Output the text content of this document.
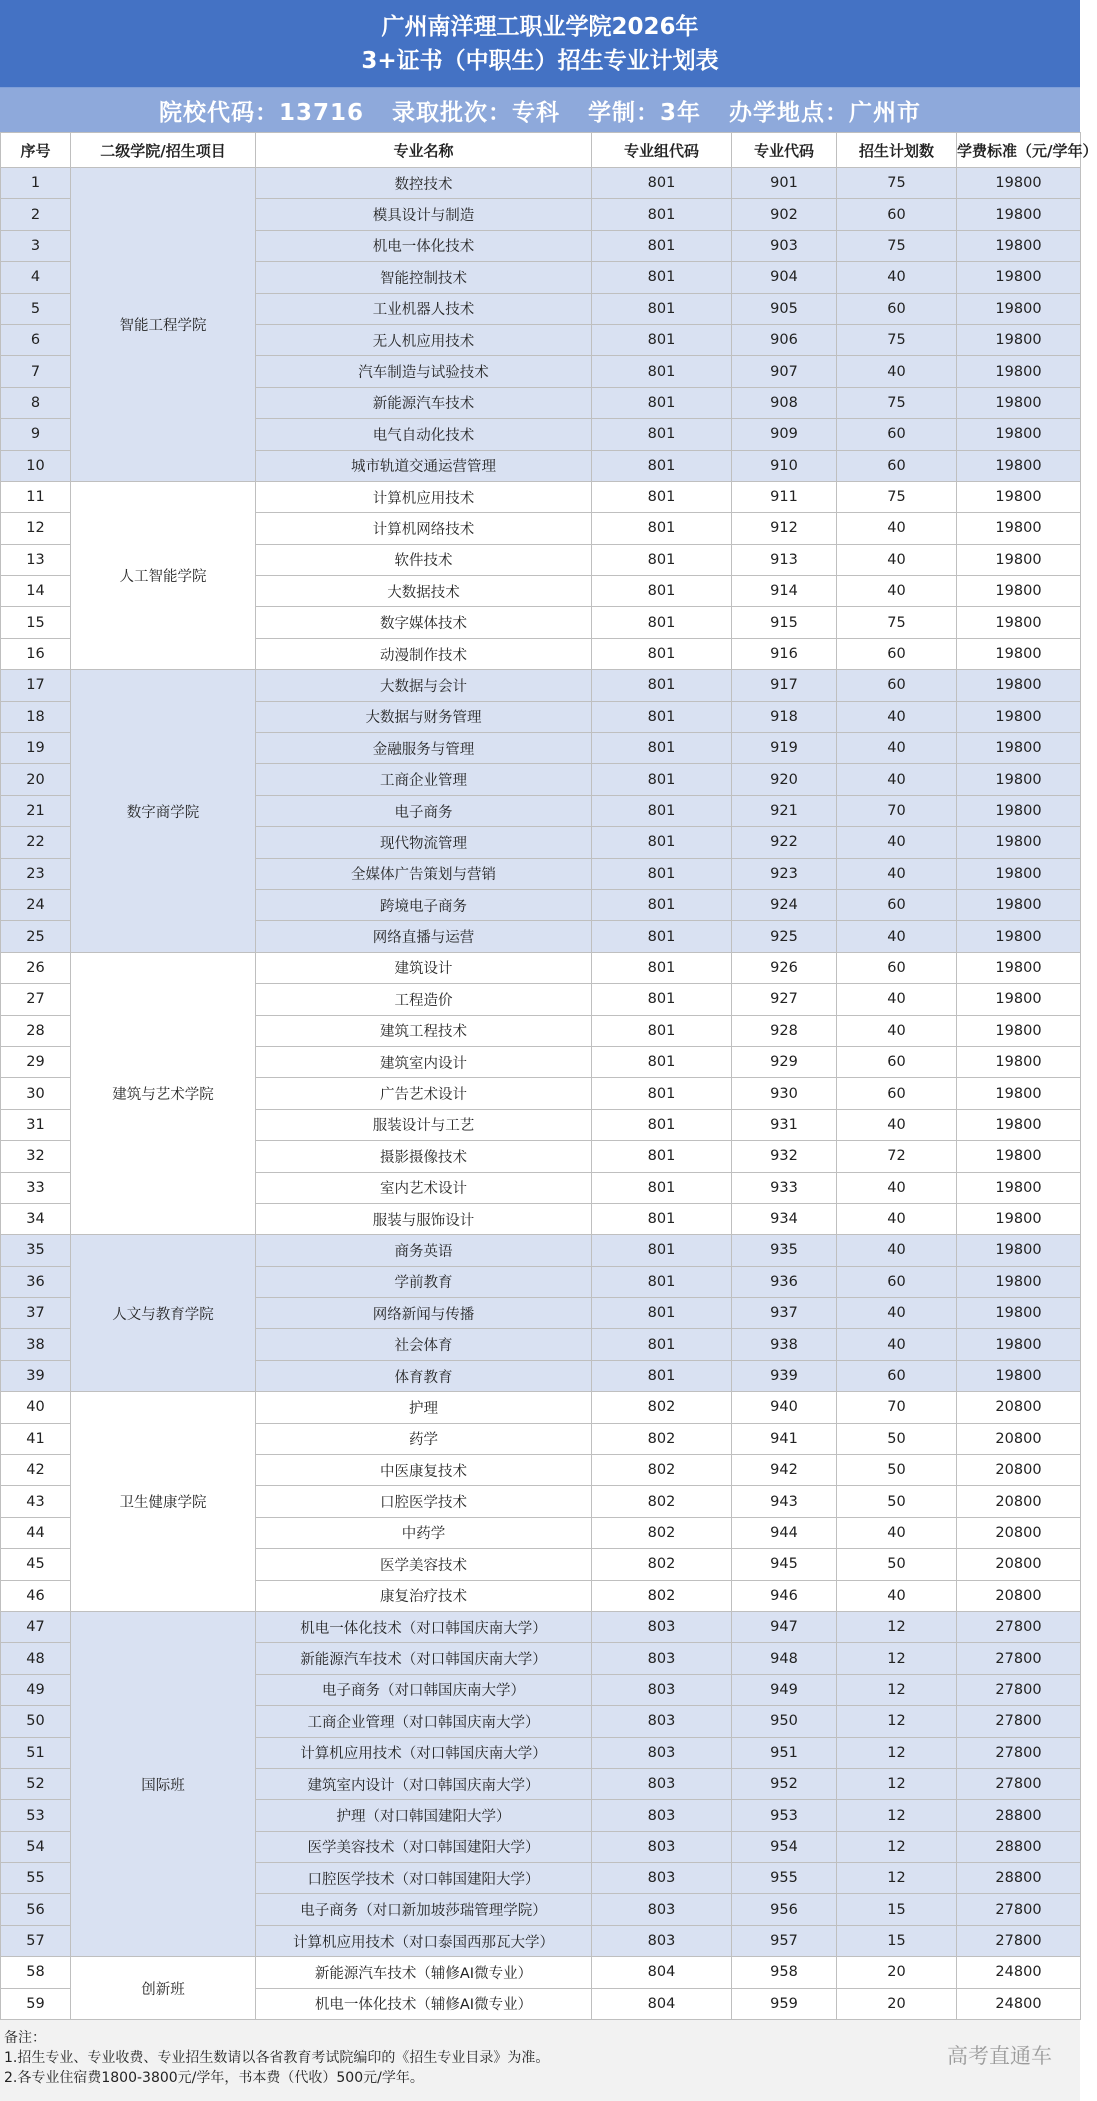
广州南洋理工职业学院2026年
3+证书（中职生）招生专业计划表
院校代码：13716 录取批次：专科 学制：3年 办学地点：广州市
序号	二级学院/招生项目	专业名称	专业组代码	专业代码	招生计划数	学费标准（元/学年）
1	智能工程学院	数控技术	801	901	75	19800
2		模具设计与制造	801	902	60	19800
3		机电一体化技术	801	903	75	19800
4		智能控制技术	801	904	40	19800
5		工业机器人技术	801	905	60	19800
6		无人机应用技术	801	906	75	19800
7		汽车制造与试验技术	801	907	40	19800
8		新能源汽车技术	801	908	75	19800
9		电气自动化技术	801	909	60	19800
10		城市轨道交通运营管理	801	910	60	19800
11	人工智能学院	计算机应用技术	801	911	75	19800
12		计算机网络技术	801	912	40	19800
13		软件技术	801	913	40	19800
14		大数据技术	801	914	40	19800
15		数字媒体技术	801	915	75	19800
16		动漫制作技术	801	916	60	19800
17	数字商学院	大数据与会计	801	917	60	19800
18		大数据与财务管理	801	918	40	19800
19		金融服务与管理	801	919	40	19800
20		工商企业管理	801	920	40	19800
21		电子商务	801	921	70	19800
22		现代物流管理	801	922	40	19800
23		全媒体广告策划与营销	801	923	40	19800
24		跨境电子商务	801	924	60	19800
25		网络直播与运营	801	925	40	19800
26	建筑与艺术学院	建筑设计	801	926	60	19800
27		工程造价	801	927	40	19800
28		建筑工程技术	801	928	40	19800
29		建筑室内设计	801	929	60	19800
30		广告艺术设计	801	930	60	19800
31		服装设计与工艺	801	931	40	19800
32		摄影摄像技术	801	932	72	19800
33		室内艺术设计	801	933	40	19800
34		服装与服饰设计	801	934	40	19800
35	人文与教育学院	商务英语	801	935	40	19800
36		学前教育	801	936	60	19800
37		网络新闻与传播	801	937	40	19800
38		社会体育	801	938	40	19800
39		体育教育	801	939	60	19800
40	卫生健康学院	护理	802	940	70	20800
41		药学	802	941	50	20800
42		中医康复技术	802	942	50	20800
43		口腔医学技术	802	943	50	20800
44		中药学	802	944	40	20800
45		医学美容技术	802	945	50	20800
46		康复治疗技术	802	946	40	20800
47	国际班	机电一体化技术（对口韩国庆南大学）	803	947	12	27800
48		新能源汽车技术（对口韩国庆南大学）	803	948	12	27800
49		电子商务（对口韩国庆南大学）	803	949	12	27800
50		工商企业管理（对口韩国庆南大学）	803	950	12	27800
51		计算机应用技术（对口韩国庆南大学）	803	951	12	27800
52		建筑室内设计（对口韩国庆南大学）	803	952	12	27800
53		护理（对口韩国建阳大学）	803	953	12	28800
54		医学美容技术（对口韩国建阳大学）	803	954	12	28800
55		口腔医学技术（对口韩国建阳大学）	803	955	12	28800
56		电子商务（对口新加坡莎瑞管理学院）	803	956	15	27800
57		计算机应用技术（对口泰国西那瓦大学）	803	957	15	27800
58	创新班	新能源汽车技术（辅修AI微专业）	804	958	20	24800
59		机电一体化技术（辅修AI微专业）	804	959	20	24800
备注：
1.招生专业、专业收费、专业招生数请以各省教育考试院编印的《招生专业目录》为准。
2.各专业住宿费1800-3800元/学年，书本费（代收）500元/学年。
高考直通车
